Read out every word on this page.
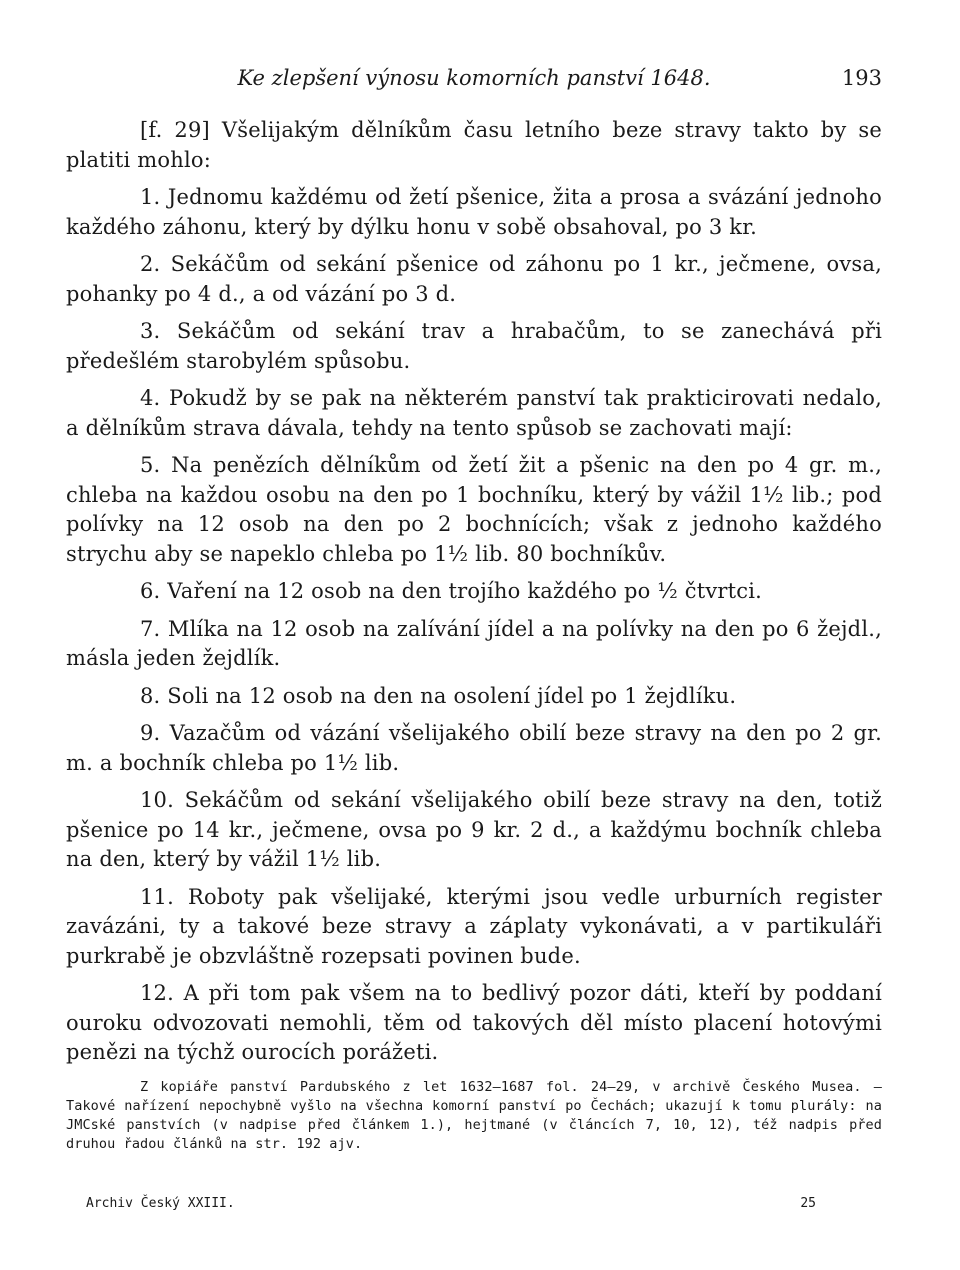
Ke zlepšení výnosu komorních panství 1648.	193

[f. 29] Všelijakým dělníkům času letního beze stravy takto by se platiti mohlo:

1. Jednomu každému od žetí pšenice, žita a prosa a svázání jednoho každého záhonu, který by dýlku honu v sobě obsahoval, po 3 kr.

2. Sekáčům od sekání pšenice od záhonu po 1 kr., ječmene, ovsa, pohanky po 4 d., a od vázání po 3 d.

3. Sekáčům od sekání trav a hrabačům, to se zanechává při předešlém starobylém spůsobu.

4. Pokudž by se pak na některém panství tak prakticirovati nedalo, a dělníkům strava dávala, tehdy na tento spůsob se zachovati mají:

5. Na penězích dělníkům od žetí žit a pšenic na den po 4 gr. m., chleba na každou osobu na den po 1 bochníku, který by vážil 1½ lib.; pod polívky na 12 osob na den po 2 bochnících; však z jednoho každého strychu aby se napeklo chleba po 1½ lib. 80 bochníkův.

6. Vaření na 12 osob na den trojího každého po ½ čtvrtci.

7. Mlíka na 12 osob na zalívání jídel a na polívky na den po 6 žejdl., másla jeden žejdlík.

8. Soli na 12 osob na den na osolení jídel po 1 žejdlíku.

9. Vazačům od vázání všelijakého obilí beze stravy na den po 2 gr. m. a bochník chleba po 1½ lib.

10. Sekáčům od sekání všelijakého obilí beze stravy na den, totiž pšenice po 14 kr., ječmene, ovsa po 9 kr. 2 d., a každýmu bochník chleba na den, který by vážil 1½ lib.

11. Roboty pak všelijaké, kterými jsou vedle urburních register zavázáni, ty a takové beze stravy a záplaty vykonávati, a v partikuláři purkrabě je obzvláštně rozepsati povinen bude.

12. A při tom pak všem na to bedlivý pozor dáti, kteří by poddaní ouroku odvozovati nemohli, těm od takových děl místo placení hotovými penězi na týchž ourocích porážeti.

Z kopiáře panství Pardubského z let 1632—1687 fol. 24—29, v archivě Českého Musea. — Takové nařízení nepochybně vyšlo na všechna komorní panství po Čechách; ukazují k tomu plurály: na JMCské panstvích (v nadpise před článkem 1.), hejtmané (v článcích 7, 10, 12), též nadpis před druhou řadou článků na str. 192 ajv.
Archiv Český XXIII.	25
